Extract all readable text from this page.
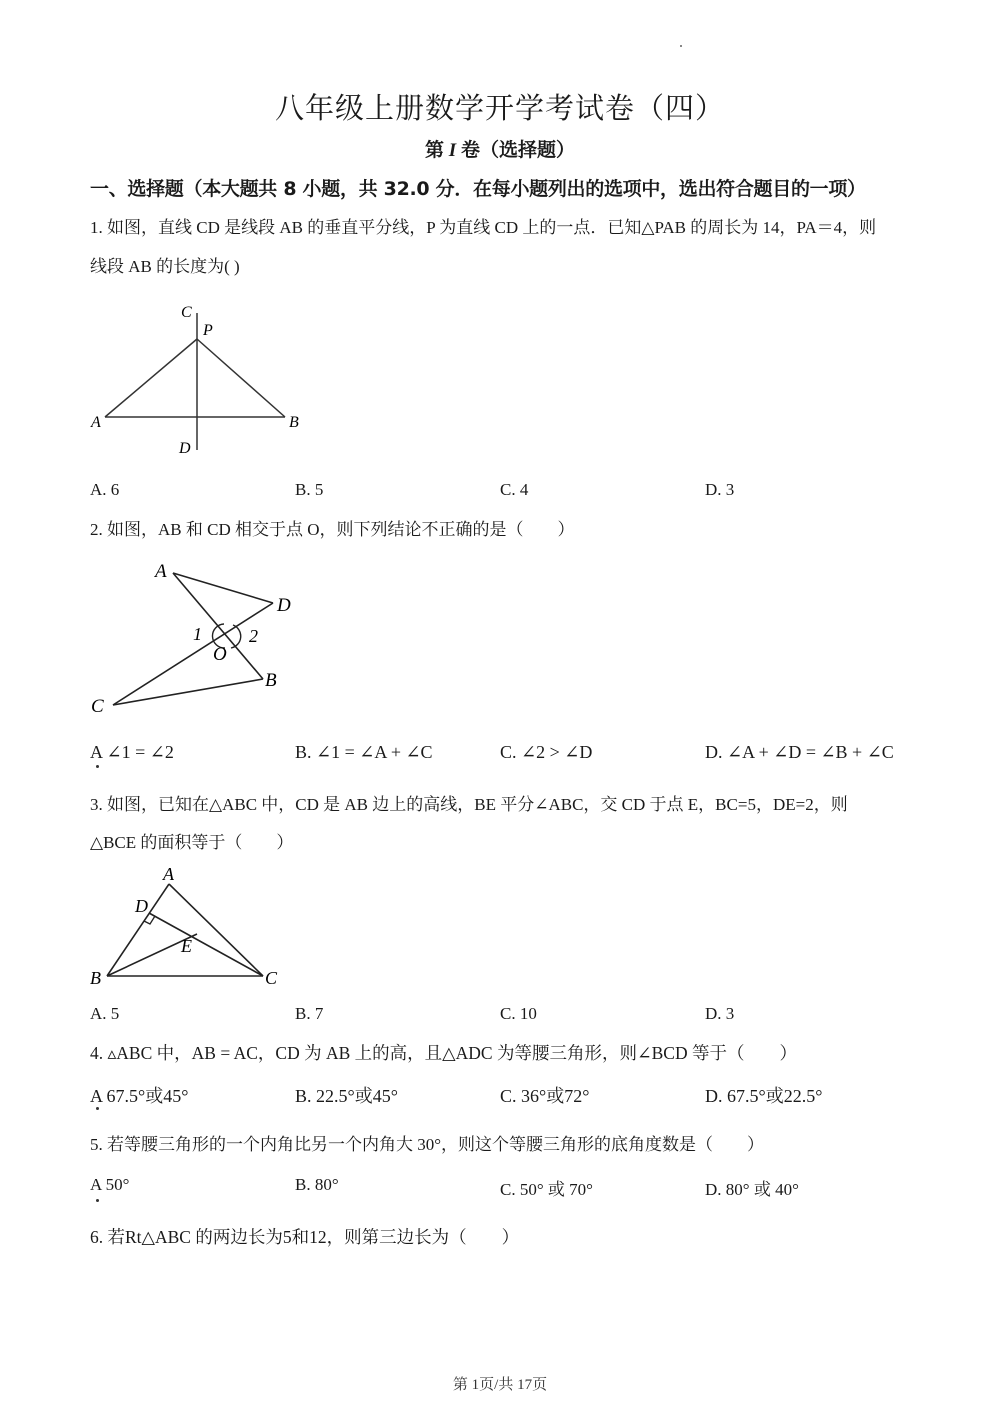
八年级上册数学开学考试卷（四）
第 I 卷（选择题）
一、选择题（本大题共 8 小题，共 32.0 分．在每小题列出的选项中，选出符合题目的一项）
1. 如图，直线 CD 是线段 AB 的垂直平分线，P 为直线 CD 上的一点．已知△PAB 的周长为 14，PA＝4，则
线段 AB 的长度为( )
C
P
A	B
D
A. 6	B. 5	C. 4	D. 3
2. 如图，AB 和 CD 相交于点 O，则下列结论不正确的是（　　）
A
D
1	2
O
B
C
A ∠1 = ∠2	B. ∠1 = ∠A + ∠C	C. ∠2 > ∠D	D. ∠A + ∠D = ∠B + ∠C
3. 如图，已知在△ABC 中，CD 是 AB 边上的高线，BE 平分∠ABC，交 CD 于点 E，BC=5，DE=2，则
△BCE 的面积等于（　　）
A
D
E
B	C
A. 5	B. 7	C. 10	D. 3
4. ▵ABC 中，AB = AC，CD 为 AB 上的高，且△ADC 为等腰三角形，则∠BCD 等于（　　）
A 67.5°或45°	B. 22.5°或45°	C. 36°或72°	D. 67.5°或22.5°
5. 若等腰三角形的一个内角比另一个内角大 30°，则这个等腰三角形的底角度数是（　　）
A 50°	B. 80°	C. 50° 或 70°	D. 80° 或 40°
6. 若Rt△ABC 的两边长为5和12，则第三边长为（　　）
第 1页/共 17页
